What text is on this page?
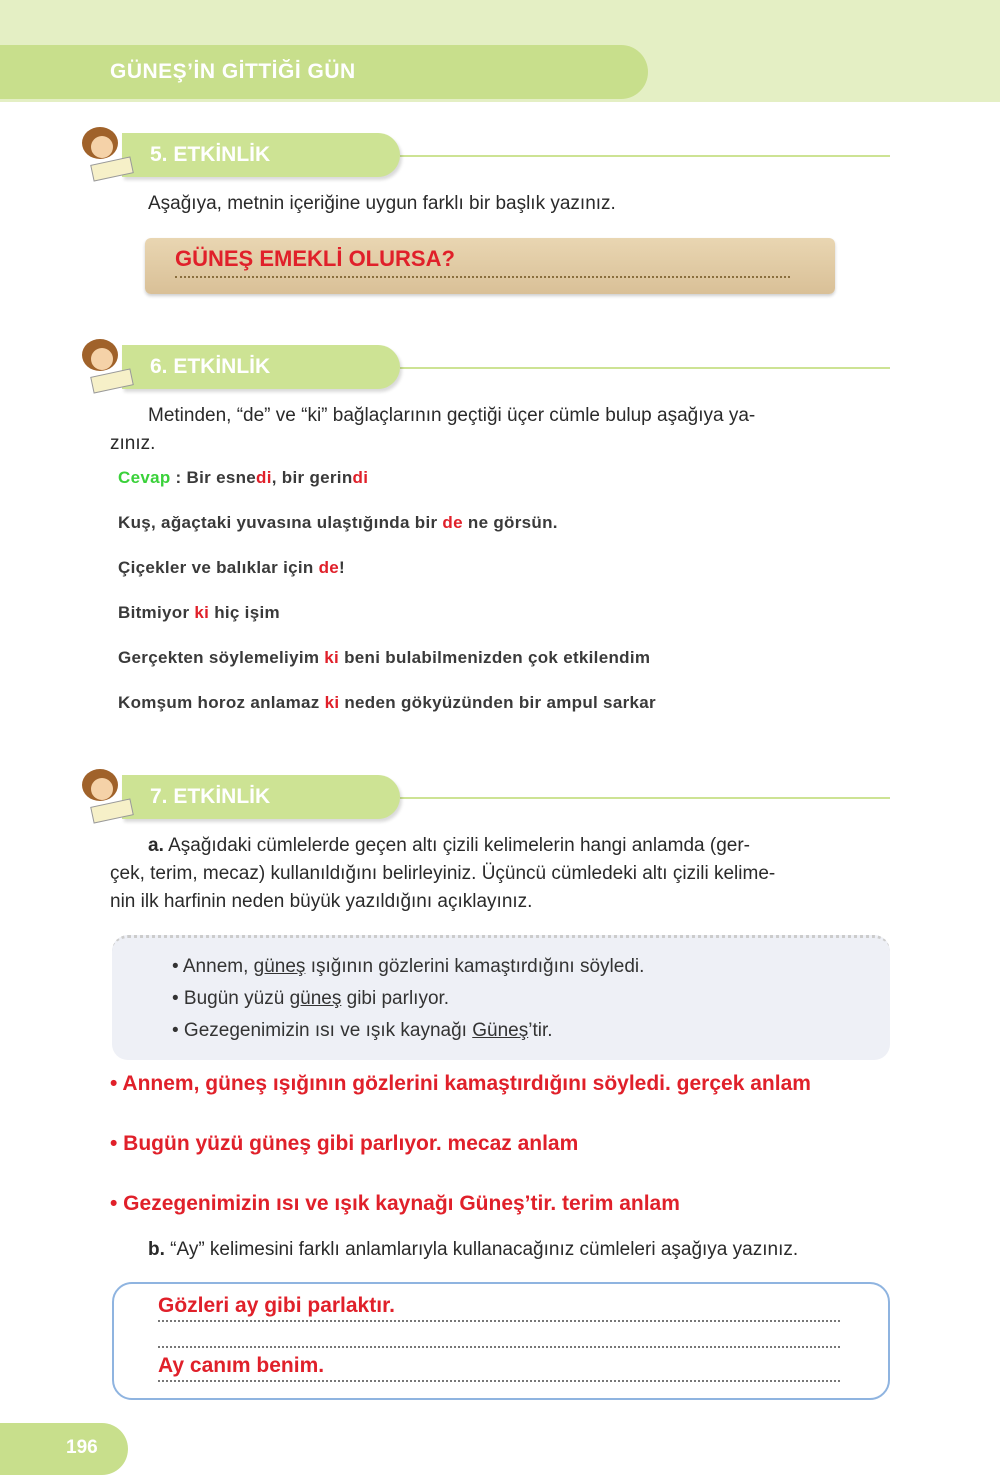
GÜNEŞ’İN GİTTİĞİ GÜN
5. ETKİNLİK
Aşağıya, metnin içeriğine uygun farklı bir başlık yazınız.
GÜNEŞ EMEKLİ OLURSA?
6. ETKİNLİK
Metinden, “de” ve “ki” bağlaçlarının geçtiği üçer cümle bulup aşağıya ya-
zınız.
Cevap : Bir esnedi, bir gerindi
Kuş, ağaçtaki yuvasına ulaştığında bir de ne görsün.
Çiçekler ve balıklar için de!
Bitmiyor ki hiç işim
Gerçekten söylemeliyim ki beni bulabilmenizden çok etkilendim
Komşum horoz anlamaz ki neden gökyüzünden bir ampul sarkar
7. ETKİNLİK
a. Aşağıdaki cümlelerde geçen altı çizili kelimelerin hangi anlamda (ger-
çek, terim, mecaz) kullanıldığını belirleyiniz. Üçüncü cümledeki altı çizili kelime-
nin ilk harfinin neden büyük yazıldığını açıklayınız.
• Annem, güneş ışığının gözlerini kamaştırdığını söyledi.
• Bugün yüzü güneş gibi parlıyor.
• Gezegenimizin ısı ve ışık kaynağı Güneş’tir.
• Annem, güneş ışığının gözlerini kamaştırdığını söyledi. gerçek anlam
• Bugün yüzü güneş gibi parlıyor. mecaz anlam
• Gezegenimizin ısı ve ışık kaynağı Güneş’tir. terim anlam
b. “Ay” kelimesini farklı anlamlarıyla kullanacağınız cümleleri aşağıya yazınız.
Gözleri ay gibi parlaktır.
Ay canım benim.
196
